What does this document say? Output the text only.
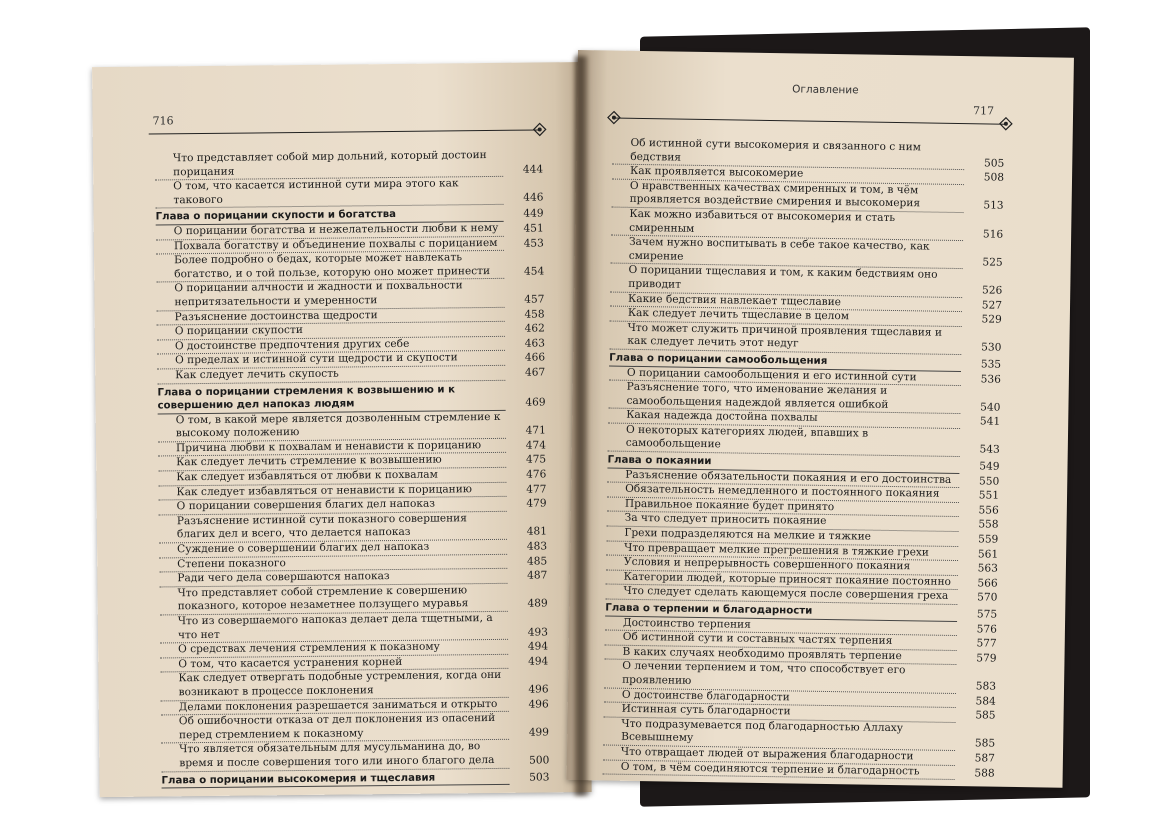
716
Что представляет собой мир дольний, который достоин порицания	444
О том, что касается истинной сути мира этого как такового	446
Глава о порицании скупости и богатства	449
О порицании богатства и нежелательности любви к нему	451
Похвала богатству и объединение похвалы с порицанием	453
Более подробно о бедах, которые может навлекать богатство, и о той пользе, которую оно может принести	454
О порицании алчности и жадности и похвальности непритязательности и умеренности	457
Разъяснение достоинства щедрости	458
О порицании скупости	462
О достоинстве предпочтения других себе	463
О пределах и истинной сути щедрости и скупости	466
Как следует лечить скупость	467
Глава о порицании стремления к возвышению и к совершению дел напоказ людям	469
О том, в какой мере является дозволенным стремление к высокому положению	471
Причина любви к похвалам и ненависти к порицанию	474
Как следует лечить стремление к возвышению	475
Как следует избавляться от любви к похвалам	476
Как следует избавляться от ненависти к порицанию	477
О порицании совершения благих дел напоказ	479
Разъяснение истинной сути показного совершения благих дел и всего, что делается напоказ	481
Суждение о совершении благих дел напоказ	483
Степени показного	485
Ради чего дела совершаются напоказ	487
Что представляет собой стремление к совершению показного, которое незаметнее ползущего муравья	489
Что из совершаемого напоказ делает дела тщетными, а что нет	493
О средствах лечения стремления к показному	494
О том, что касается устранения корней	494
Как следует отвергать подобные устремления, когда они возникают в процессе поклонения	496
Делами поклонения разрешается заниматься и открыто	496
Об ошибочности отказа от дел поклонения из опасений перед стремлением к показному	499
Что является обязательным для мусульманина до, во время и после совершения того или иного благого дела	500
Глава о порицании высокомерия и тщеславия	503
Оглавление
717
Об истинной сути высокомерия и связанного с ним бедствия	505
Как проявляется высокомерие	508
О нравственных качествах смиренных и том, в чём проявляется воздействие смирения и высокомерия	513
Как можно избавиться от высокомерия и стать смиренным	516
Зачем нужно воспитывать в себе такое качество, как смирение	525
О порицании тщеславия и том, к каким бедствиям оно приводит	526
Какие бедствия навлекает тщеславие	527
Как следует лечить тщеславие в целом	529
Что может служить причиной проявления тщеславия и как следует лечить этот недуг	530
Глава о порицании самообольщения	535
О порицании самообольщения и его истинной сути	536
Разъяснение того, что именование желания и самообольщения надеждой является ошибкой	540
Какая надежда достойна похвалы	541
О некоторых категориях людей, впавших в самообольщение	543
Глава о покаянии	549
Разъяснение обязательности покаяния и его достоинства	550
Обязательность немедленного и постоянного покаяния	551
Правильное покаяние будет принято	556
За что следует приносить покаяние	558
Грехи подразделяются на мелкие и тяжкие	559
Что превращает мелкие прегрешения в тяжкие грехи	561
Условия и непрерывность совершенного покаяния	563
Категории людей, которые приносят покаяние постоянно	566
Что следует сделать кающемуся после совершения греха	570
Глава о терпении и благодарности	575
Достоинство терпения	576
Об истинной сути и составных частях терпения	577
В каких случаях необходимо проявлять терпение	579
О лечении терпением и том, что способствует его проявлению	583
О достоинстве благодарности	584
Истинная суть благодарности	585
Что подразумевается под благодарностью Аллаху Всевышнему	585
Что отвращает людей от выражения благодарности	587
О том, в чём соединяются терпение и благодарность	588
